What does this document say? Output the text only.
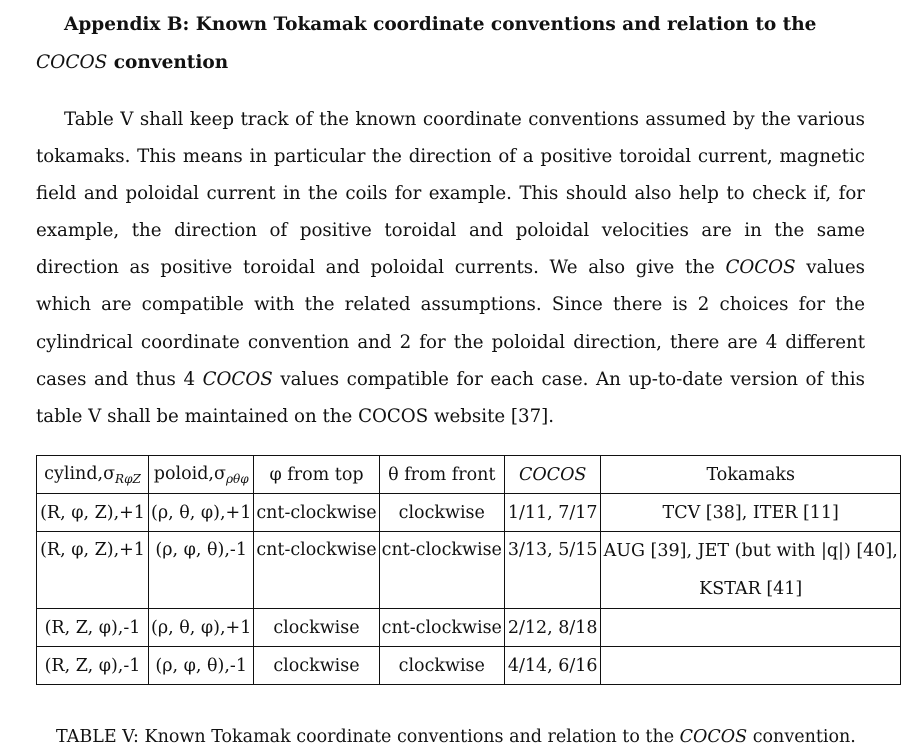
Appendix B: Known Tokamak coordinate conventions and relation to the COCOS convention
Table V shall keep track of the known coordinate conventions assumed by the various tokamaks. This means in particular the direction of a positive toroidal current, magnetic field and poloidal current in the coils for example. This should also help to check if, for example, the direction of positive toroidal and poloidal velocities are in the same direction as positive toroidal and poloidal currents. We also give the COCOS values which are compatible with the related assumptions. Since there is 2 choices for the cylindrical coordinate convention and 2 for the poloidal direction, there are 4 different cases and thus 4 COCOS values compatible for each case. An up-to-date version of this table V shall be maintained on the COCOS website [37].
$cylind,\sigma_{R\varphi Z}$	$poloid,\sigma_{\rho\theta\varphi}$	φ from top	θ from front	COCOS	Tokamaks
(R, φ, Z),+1	(ρ, θ, φ),+1	cnt-clockwise	clockwise	1/11, 7/17	TCV [38], ITER [11]
(R, φ, Z),+1	(ρ, φ, θ),-1	cnt-clockwise	cnt-clockwise	3/13, 5/15	AUG [39], JET (but with |q|) [40],
KSTAR [41]

(R, Z, φ),-1	(ρ, θ, φ),+1	clockwise	cnt-clockwise	2/12, 8/18	
(R, Z, φ),-1	(ρ, φ, θ),-1	clockwise	clockwise	4/14, 6/16	
TABLE V: Known Tokamak coordinate conventions and relation to the COCOS convention.
